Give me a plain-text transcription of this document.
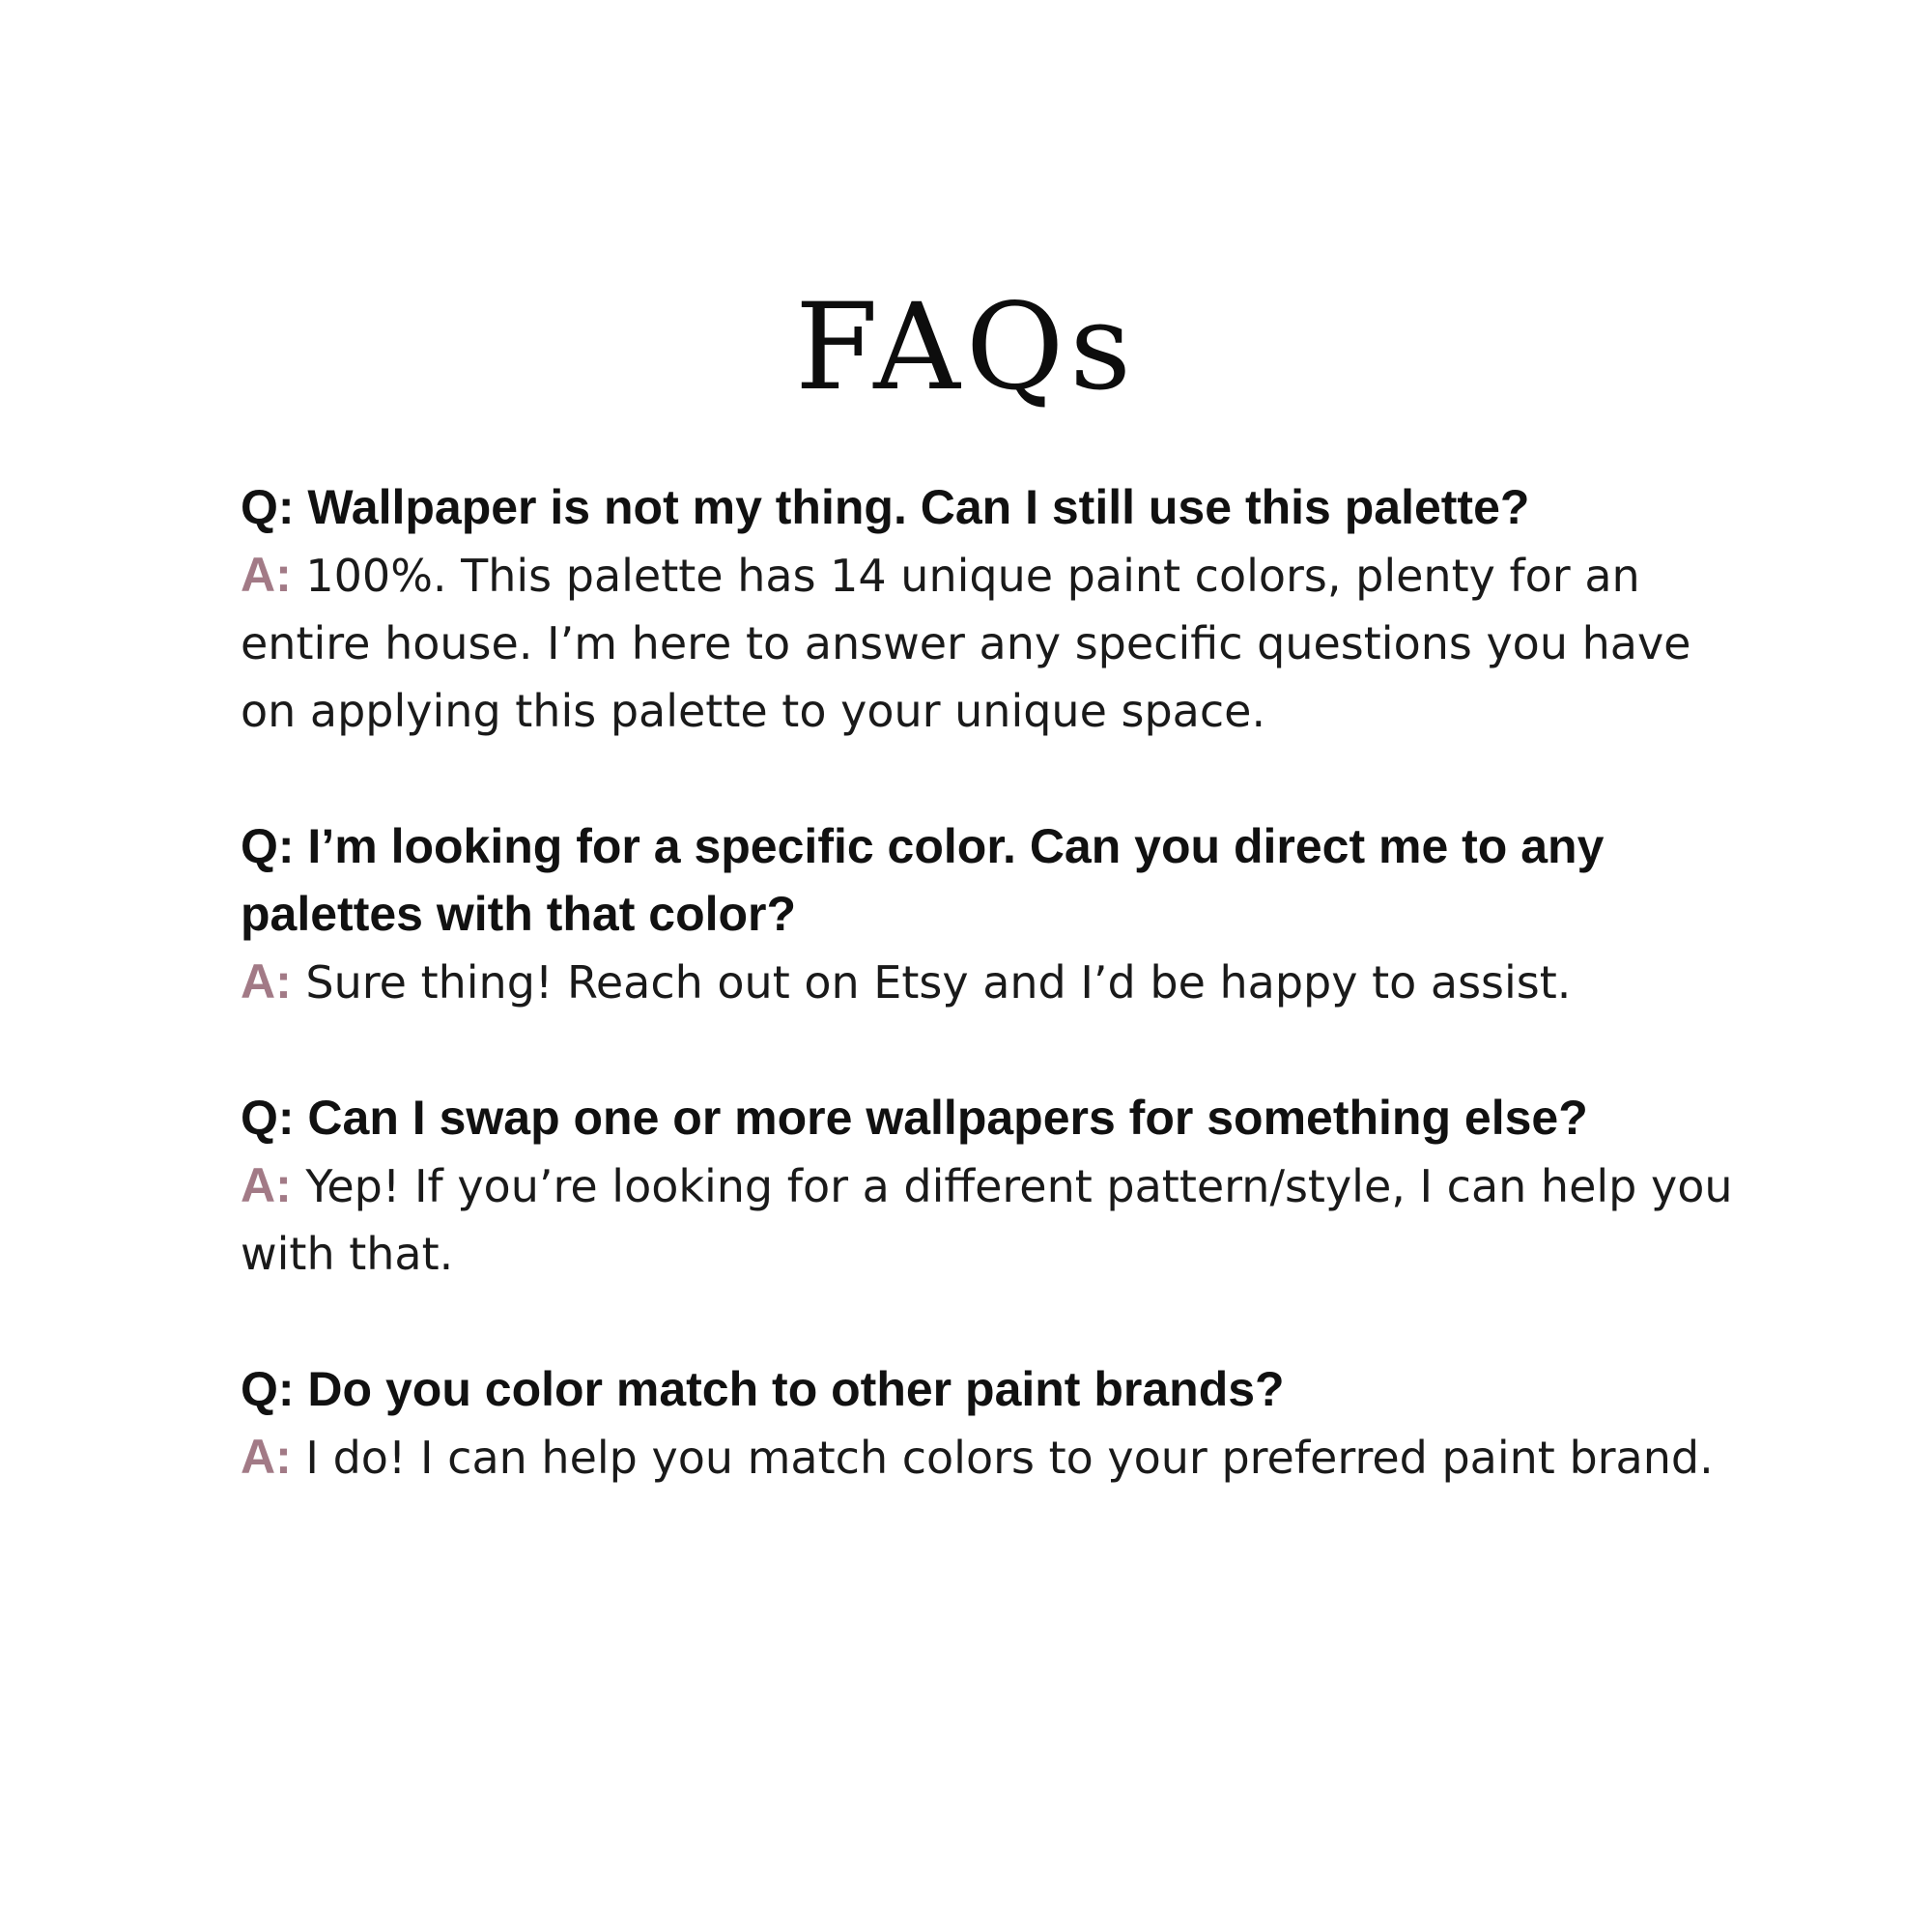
FAQs

Q: Wallpaper is not my thing. Can I still use this palette?

A: 100%. This palette has 14 unique paint colors, plenty for an entire house. I’m here to answer any specific questions you have on applying this palette to your unique space.

Q: I’m looking for a specific color. Can you direct me to any palettes with that color?

A: Sure thing! Reach out on Etsy and I’d be happy to assist.

Q: Can I swap one or more wallpapers for something else?

A: Yep! If you’re looking for a different pattern/style, I can help you with that.

Q: Do you color match to other paint brands?

A: I do! I can help you match colors to your preferred paint brand.
